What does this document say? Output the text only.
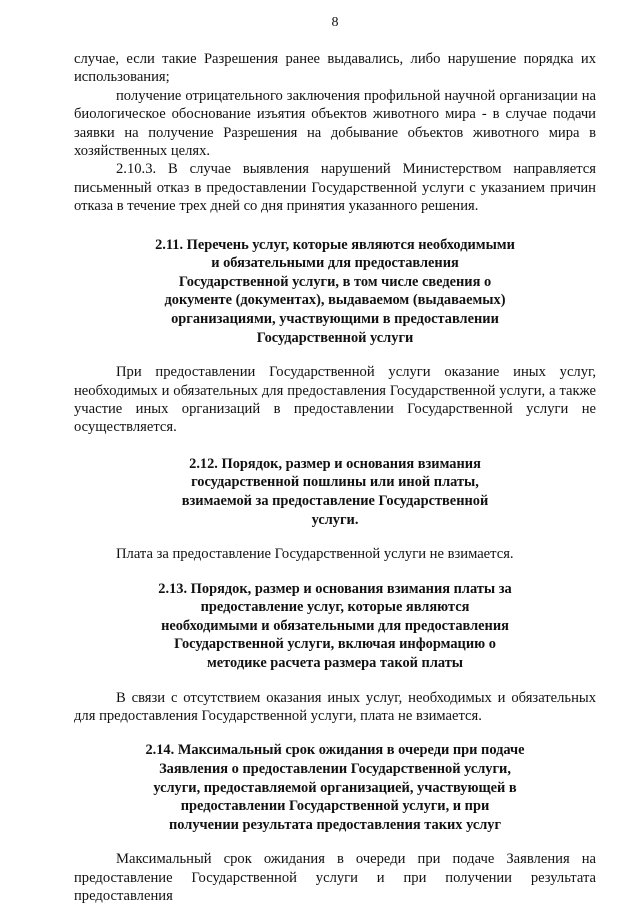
8

случае, если такие Разрешения ранее выдавались, либо нарушение порядка их использования;

получение отрицательного заключения профильной научной организации на биологическое обоснование изъятия объектов животного мира - в случае подачи заявки на получение Разрешения на добывание объектов животного мира в хозяйственных целях.

2.10.3. В случае выявления нарушений Министерством направляется письменный отказ в предоставлении Государственной услуги с указанием причин отказа в течение трех дней со дня принятия указанного решения.

2.11. Перечень услуг, которые являются необходимыми и обязательными для предоставления Государственной услуги, в том числе сведения о документе (документах), выдаваемом (выдаваемых) организациями, участвующими в предоставлении Государственной услуги

При предоставлении Государственной услуги оказание иных услуг, необходимых и обязательных для предоставления Государственной услуги, а также участие иных организаций в предоставлении Государственной услуги не осуществляется.

2.12. Порядок, размер и основания взимания государственной пошлины или иной платы, взимаемой за предоставление Государственной услуги.

Плата за предоставление Государственной услуги не взимается.

2.13. Порядок, размер и основания взимания платы за предоставление услуг, которые являются необходимыми и обязательными для предоставления Государственной услуги, включая информацию о методике расчета размера такой платы

В связи с отсутствием оказания иных услуг, необходимых и обязательных для предоставления Государственной услуги, плата не взимается.

2.14. Максимальный срок ожидания в очереди при подаче Заявления о предоставлении Государственной услуги, услуги, предоставляемой организацией, участвующей в предоставлении Государственной услуги, и при получении результата предоставления таких услуг

Максимальный срок ожидания в очереди при подаче Заявления на предоставление Государственной услуги и при получении результата предоставления
